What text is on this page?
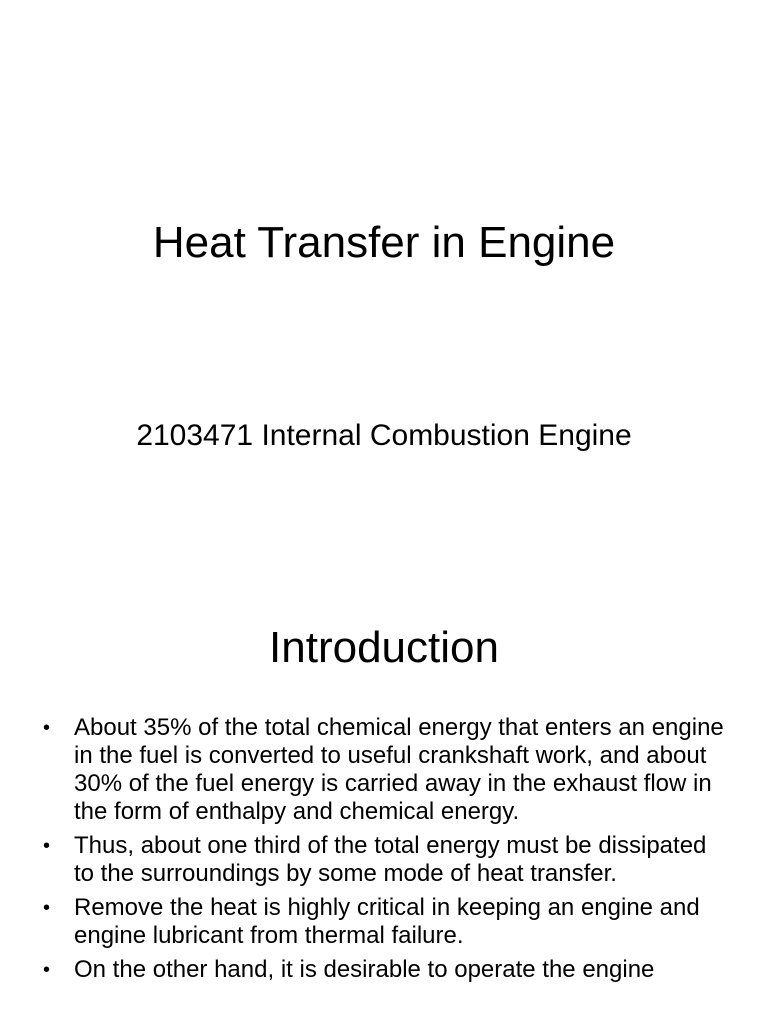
Heat Transfer in Engine
2103471 Internal Combustion Engine
Introduction
• About 35% of the total chemical energy that enters an engine in the fuel is converted to useful crankshaft work, and about 30% of the fuel energy is carried away in the exhaust flow in the form of enthalpy and chemical energy.
• Thus, about one third of the total energy must be dissipated to the surroundings by some mode of heat transfer.
• Remove the heat is highly critical in keeping an engine and engine lubricant from thermal failure.
• On the other hand, it is desirable to operate the engine
